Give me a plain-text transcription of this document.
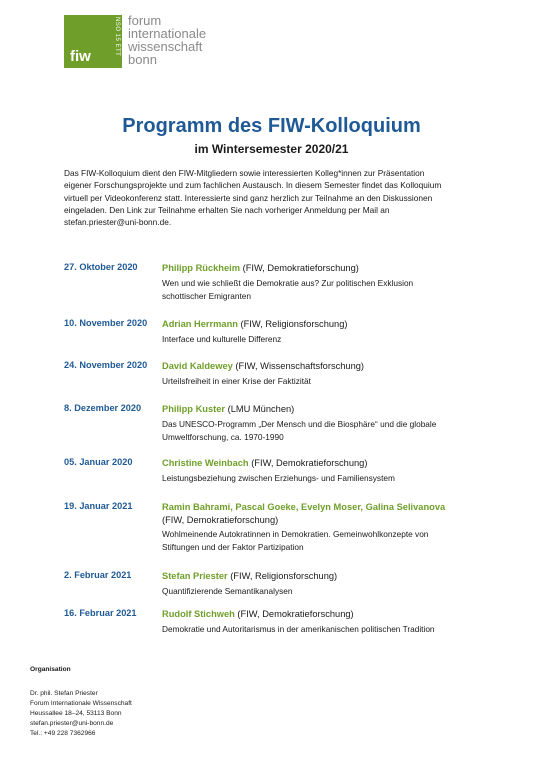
NSO 15 ETT
fiw
forum
internationale
wissenschaft
bonn
Programm des FIW-Kolloquium
im Wintersemester 2020/21
Das FIW-Kolloquium dient den FIW-Mitgliedern sowie interessierten Kolleg*innen zur Präsentation
eigener Forschungsprojekte und zum fachlichen Austausch. In diesem Semester findet das Kolloquium
virtuell per Videokonferenz statt. Interessierte sind ganz herzlich zur Teilnahme an den Diskussionen
eingeladen. Den Link zur Teilnahme erhalten Sie nach vorheriger Anmeldung per Mail an
stefan.priester@uni-bonn.de.
27. Oktober 2020	Philipp Rückheim (FIW, Demokratieforschung)
Wen und wie schließt die Demokratie aus? Zur politischen Exklusion
schottischer Emigranten
10. November 2020	Adrian Herrmann (FIW, Religionsforschung)
Interface und kulturelle Differenz
24. November 2020	David Kaldewey (FIW, Wissenschaftsforschung)
Urteilsfreiheit in einer Krise der Faktizität
8. Dezember 2020	Philipp Kuster (LMU München)
Das UNESCO-Programm „Der Mensch und die Biosphäre“ und die globale
Umweltforschung, ca. 1970-1990
05. Januar 2020	Christine Weinbach (FIW, Demokratieforschung)
Leistungsbeziehung zwischen Erziehungs- und Familiensystem
19. Januar 2021	Ramin Bahrami, Pascal Goeke, Evelyn Moser, Galina Selivanova
(FIW, Demokratieforschung)
Wohlmeinende Autokratinnen in Demokratien. Gemeinwohlkonzepte von
Stiftungen und der Faktor Partizipation
2. Februar 2021	Stefan Priester (FIW, Religionsforschung)
Quantifizierende Semantikanalysen
16. Februar 2021	Rudolf Stichweh (FIW, Demokratieforschung)
Demokratie und Autoritarismus in der amerikanischen politischen Tradition
Organisation
Dr. phil. Stefan Priester
Forum Internationale Wissenschaft
Heussallee 18–24, 53113 Bonn
stefan.priester@uni-bonn.de
Tel.: +49 228 7362966
